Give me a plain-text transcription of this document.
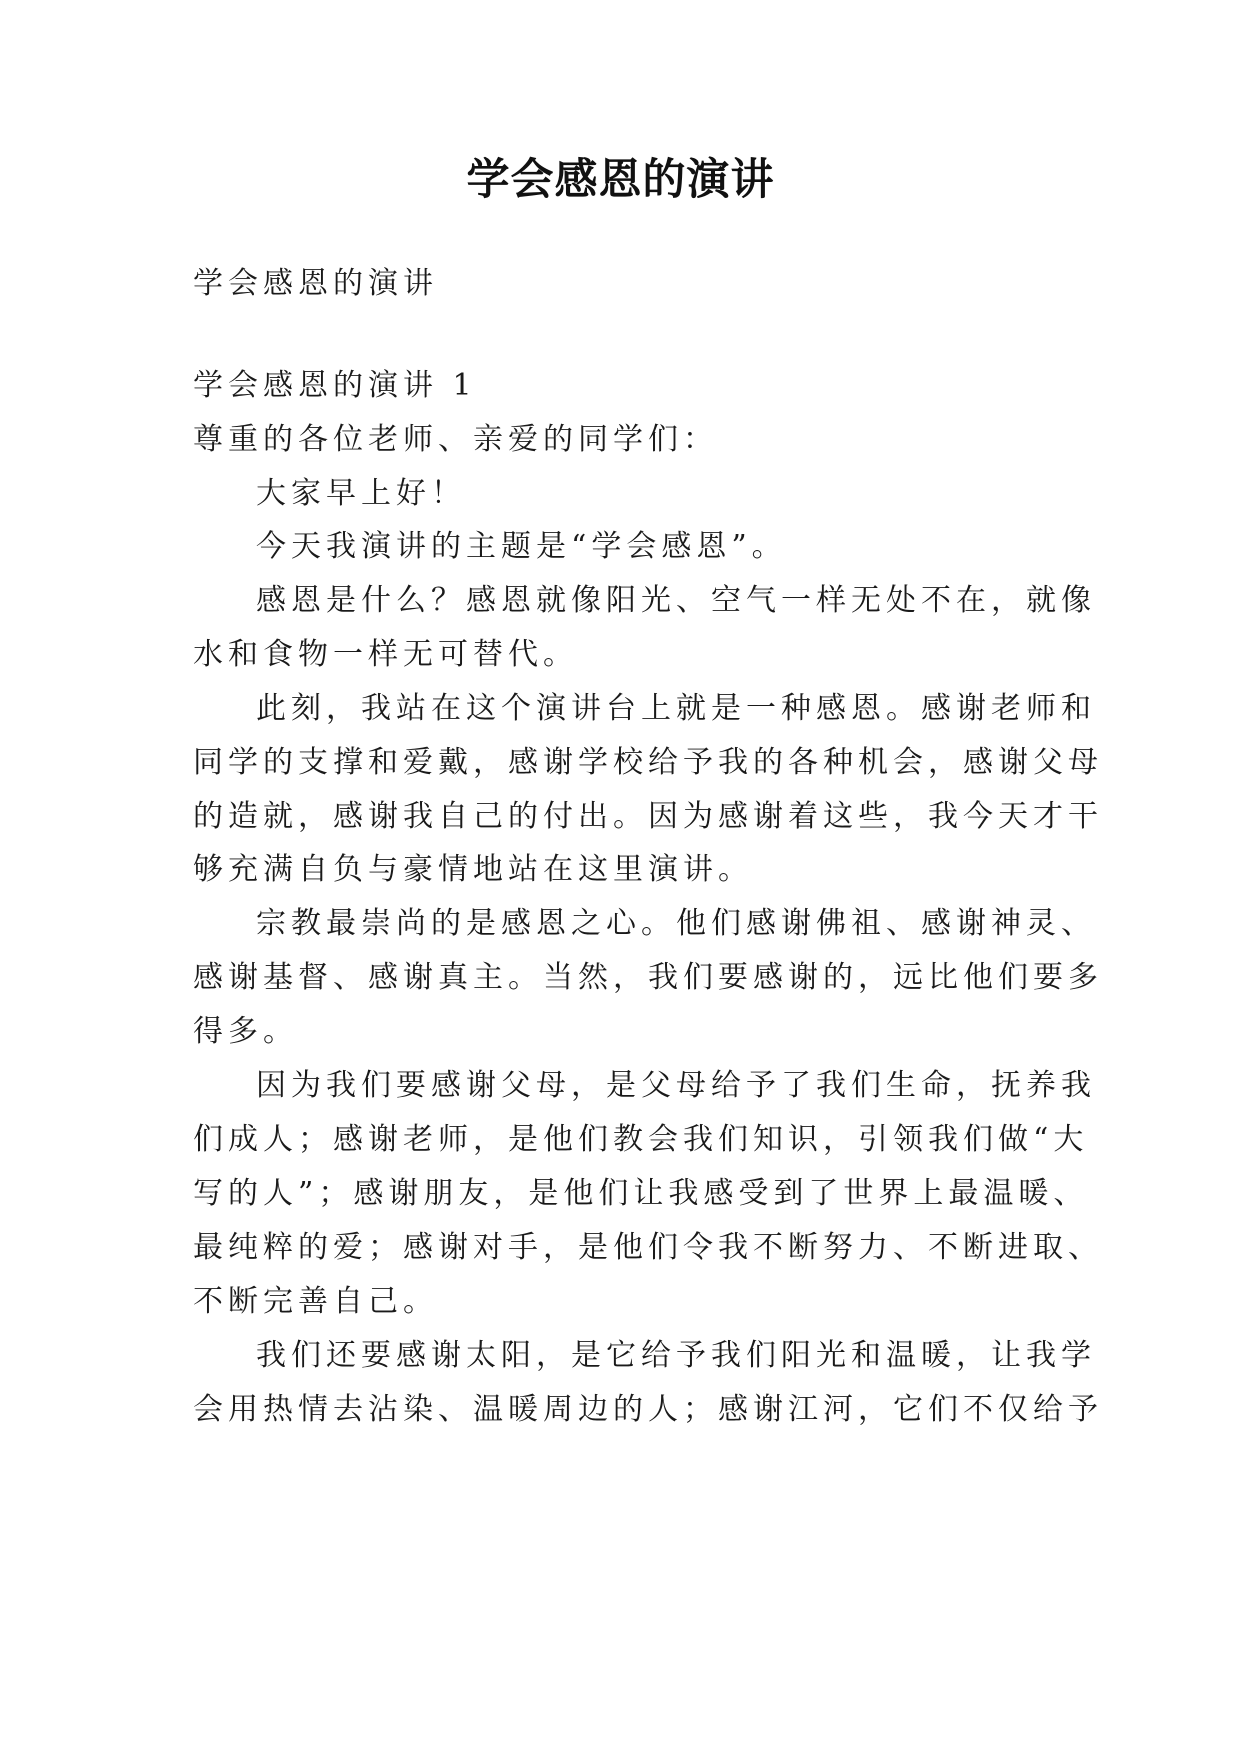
学会感恩的演讲

学会感恩的演讲

学会感恩的演讲 1

尊重的各位老师、亲爱的同学们：

大家早上好！

今天我演讲的主题是“学会感恩”。

感恩是什么？感恩就像阳光、空气一样无处不在，就像

水和食物一样无可替代。

此刻，我站在这个演讲台上就是一种感恩。感谢老师和

同学的支撑和爱戴，感谢学校给予我的各种机会，感谢父母

的造就，感谢我自己的付出。因为感谢着这些，我今天才干

够充满自负与豪情地站在这里演讲。

宗教最崇尚的是感恩之心。他们感谢佛祖、感谢神灵、

感谢基督、感谢真主。当然，我们要感谢的，远比他们要多

得多。

因为我们要感谢父母，是父母给予了我们生命，抚养我

们成人；感谢老师，是他们教会我们知识，引领我们做“大

写的人”；感谢朋友，是他们让我感受到了世界上最温暖、

最纯粹的爱；感谢对手，是他们令我不断努力、不断进取、

不断完善自己。

我们还要感谢太阳，是它给予我们阳光和温暖，让我学

会用热情去沾染、温暖周边的人；感谢江河，它们不仅给予
